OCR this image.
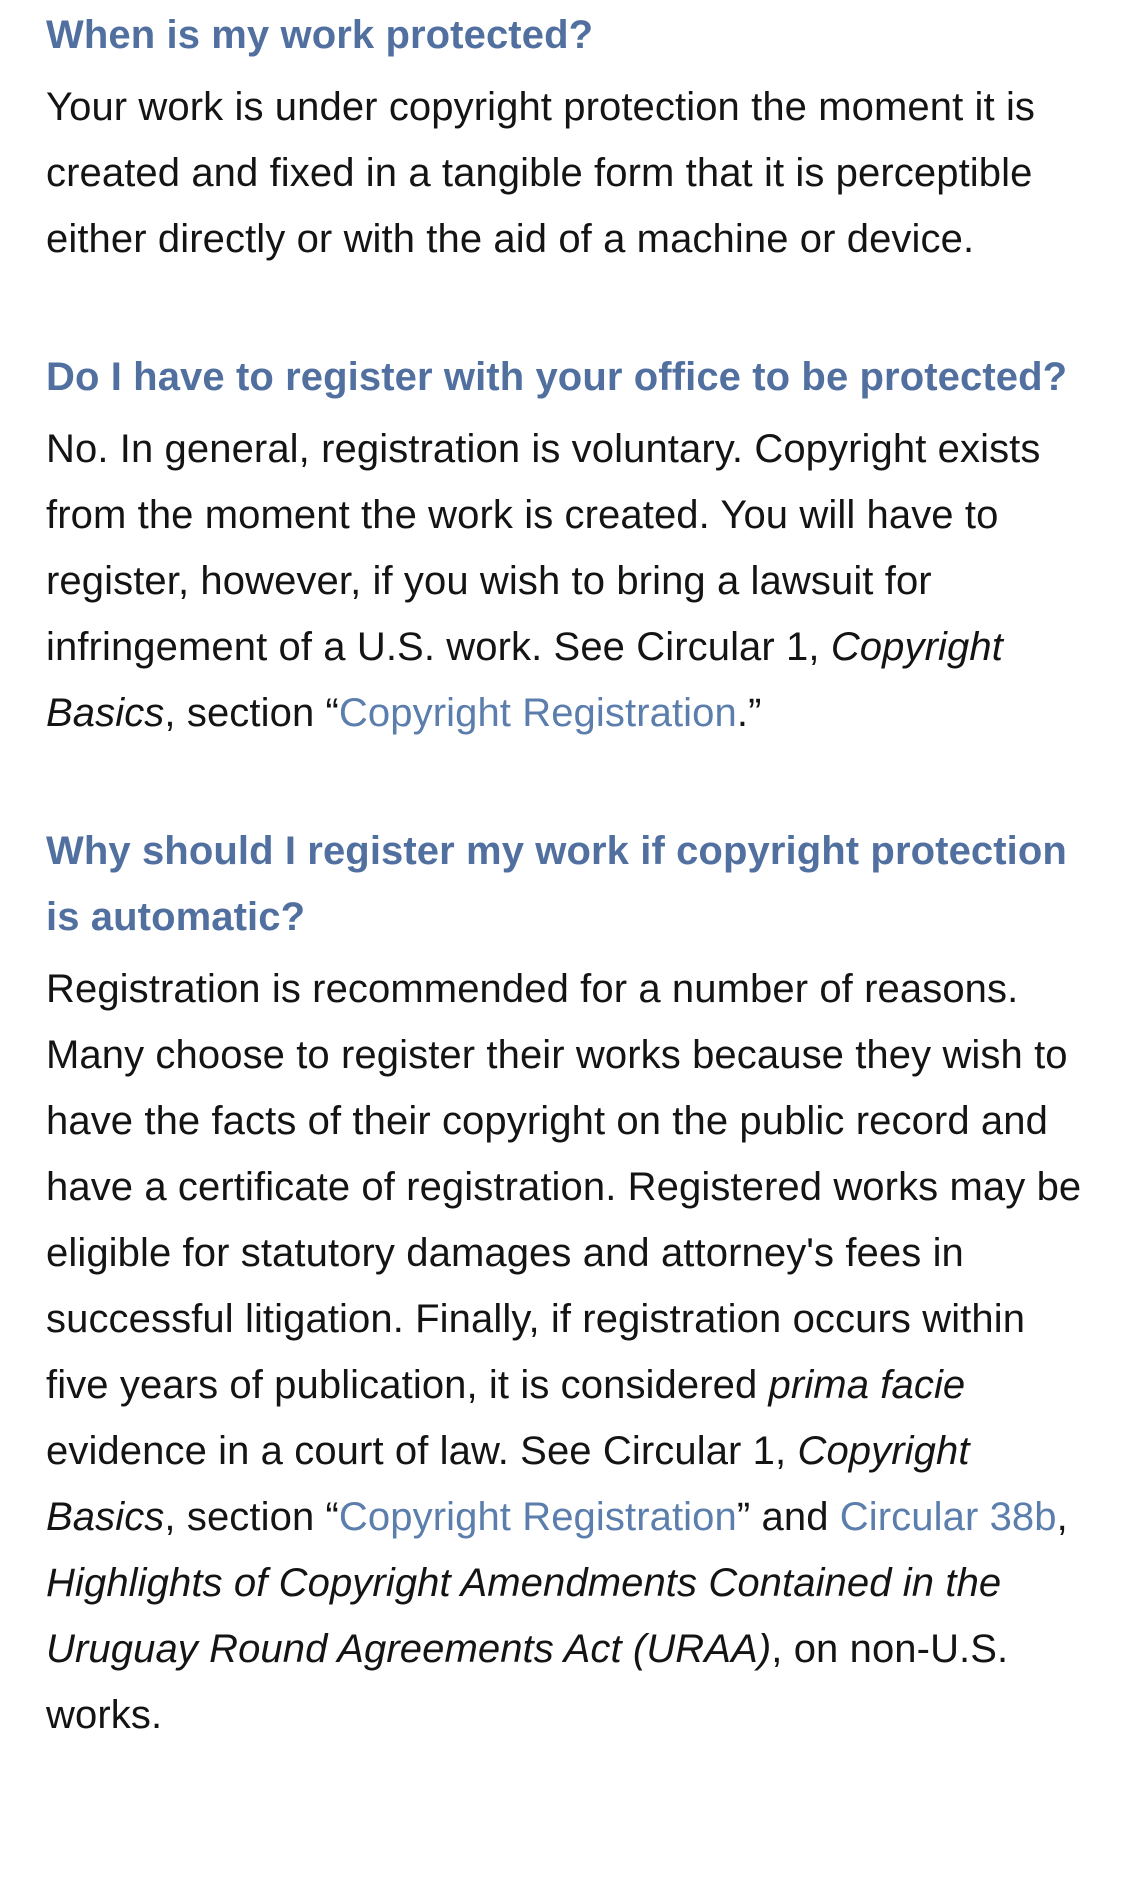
When is my work protected?

Your work is under copyright protection the moment it is created and fixed in a tangible form that it is perceptible either directly or with the aid of a machine or device.

Do I have to register with your office to be protected?

No. In general, registration is voluntary. Copyright exists from the moment the work is created. You will have to register, however, if you wish to bring a lawsuit for infringement of a U.S. work. See Circular 1, Copyright Basics, section “Copyright Registration.”

Why should I register my work if copyright protection is automatic?

Registration is recommended for a number of reasons. Many choose to register their works because they wish to have the facts of their copyright on the public record and have a certificate of registration. Registered works may be eligible for statutory damages and attorney's fees in successful litigation. Finally, if registration occurs within five years of publication, it is considered prima facie evidence in a court of law. See Circular 1, Copyright Basics, section “Copyright Registration” and Circular 38b, Highlights of Copyright Amendments Contained in the Uruguay Round Agreements Act (URAA), on non-U.S. works.
